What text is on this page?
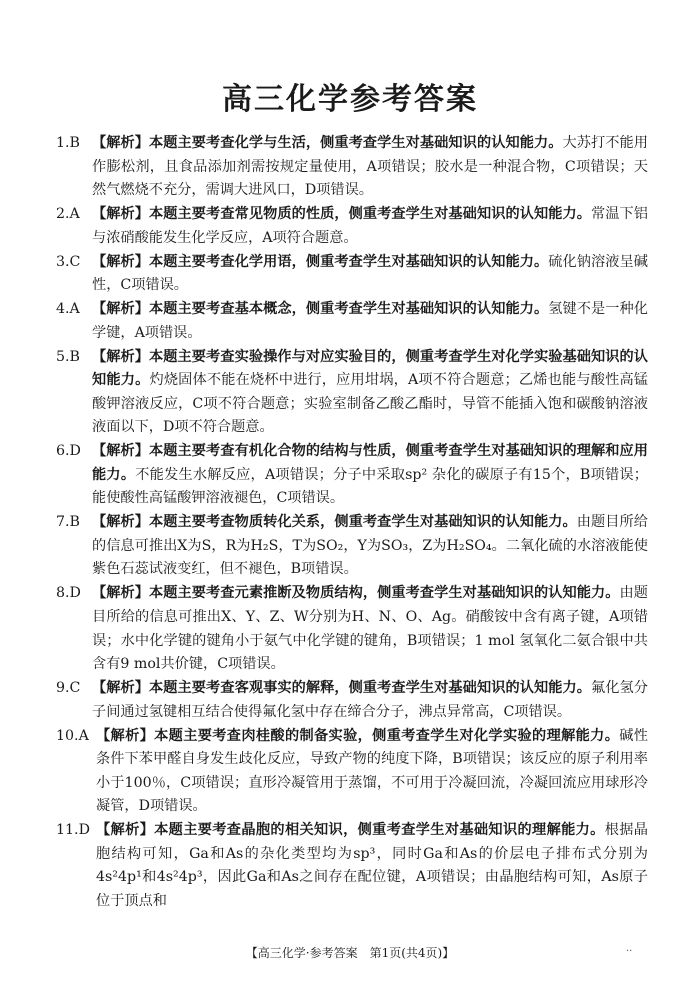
高三化学参考答案
1.B 【解析】本题主要考查化学与生活，侧重考查学生对基础知识的认知能力。大苏打不能用作膨松剂，且食品添加剂需按规定量使用，A项错误；胶水是一种混合物，C项错误；天然气燃烧不充分，需调大进风口，D项错误。
2.A 【解析】本题主要考查常见物质的性质，侧重考查学生对基础知识的认知能力。常温下铝与浓硝酸能发生化学反应，A项符合题意。
3.C 【解析】本题主要考查化学用语，侧重考查学生对基础知识的认知能力。硫化钠溶液呈碱性，C项错误。
4.A 【解析】本题主要考查基本概念，侧重考查学生对基础知识的认知能力。氢键不是一种化学键，A项错误。
5.B 【解析】本题主要考查实验操作与对应实验目的，侧重考查学生对化学实验基础知识的认知能力。灼烧固体不能在烧杯中进行，应用坩埚，A项不符合题意；乙烯也能与酸性高锰酸钾溶液反应，C项不符合题意；实验室制备乙酸乙酯时，导管不能插入饱和碳酸钠溶液液面以下，D项不符合题意。
6.D 【解析】本题主要考查有机化合物的结构与性质，侧重考查学生对基础知识的理解和应用能力。不能发生水解反应，A项错误；分子中采取sp² 杂化的碳原子有15个，B项错误；能使酸性高锰酸钾溶液褪色，C项错误。
7.B 【解析】本题主要考查物质转化关系，侧重考查学生对基础知识的认知能力。由题目所给的信息可推出X为S，R为H₂S，T为SO₂，Y为SO₃，Z为H₂SO₄。二氧化硫的水溶液能使紫色石蕊试液变红，但不褪色，B项错误。
8.D 【解析】本题主要考查元素推断及物质结构，侧重考查学生对基础知识的认知能力。由题目所给的信息可推出X、Y、Z、W分别为H、N、O、Ag。硝酸铵中含有离子键，A项错误；水中化学键的键角小于氨气中化学键的键角，B项错误；1 mol 氢氧化二氨合银中共含有9 mol共价键，C项错误。
9.C 【解析】本题主要考查客观事实的解释，侧重考查学生对基础知识的认知能力。氟化氢分子间通过氢键相互结合使得氟化氢中存在缔合分子，沸点异常高，C项错误。
10.A 【解析】本题主要考查肉桂酸的制备实验，侧重考查学生对化学实验的理解能力。碱性条件下苯甲醛自身发生歧化反应，导致产物的纯度下降，B项错误；该反应的原子利用率小于100％，C项错误；直形冷凝管用于蒸馏，不可用于冷凝回流，冷凝回流应用球形冷凝管，D项错误。
11.D 【解析】本题主要考查晶胞的相关知识，侧重考查学生对基础知识的理解能力。根据晶胞结构可知，Ga和As的杂化类型均为sp³，同时Ga和As的价层电子排布式分别为4s²4p¹和4s²4p³，因此Ga和As之间存在配位键，A项错误；由晶胞结构可知，As原子位于顶点和
【高三化学·参考答案　第1页(共4页)】	··
